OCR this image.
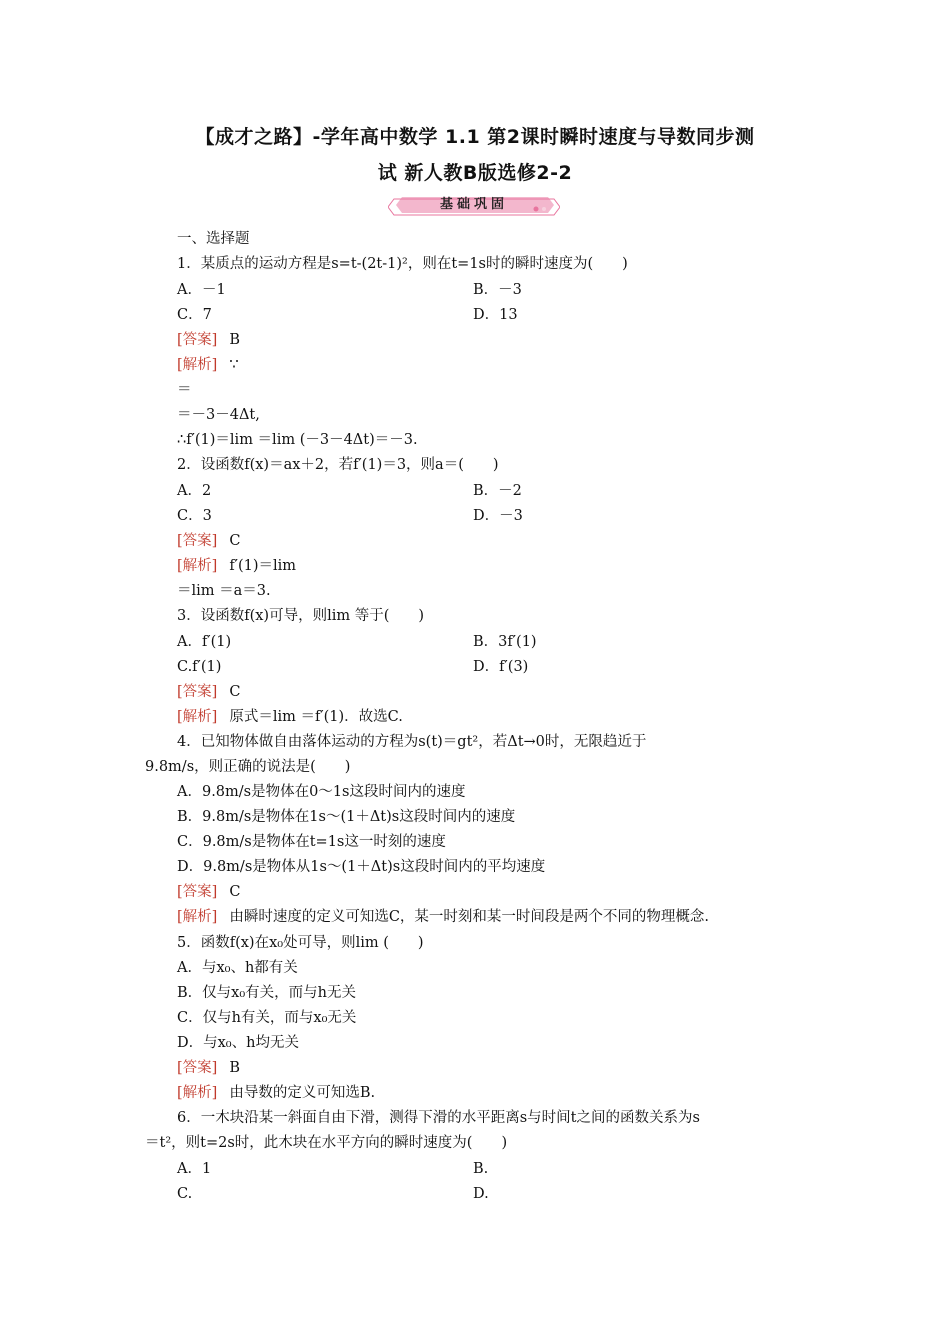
【成才之路】-学年高中数学 1.1 第2课时瞬时速度与导数同步测
试 新人教B版选修2-2
基础巩固
一、选择题
1．某质点的运动方程是s=t-(2t-1)²，则在t=1s时的瞬时速度为(　　)
A．－1	B．－3
C．7	D．13
[答案] B
[解析] ∵
＝
＝－3－4Δt,
∴f′(1)＝lim ＝lim (－3－4Δt)＝－3.
2．设函数f(x)＝ax＋2，若f′(1)＝3，则a＝(　　)
A．2	B．－2
C．3	D．－3
[答案] C
[解析] f′(1)＝lim
＝lim ＝a＝3.
3．设函数f(x)可导，则lim 等于(　　)
A．f′(1)	B．3f′(1)
C.f′(1)	D．f′(3)
[答案] C
[解析] 原式＝lim ＝f′(1)．故选C.
4．已知物体做自由落体运动的方程为s(t)＝gt²，若Δt→0时，无限趋近于
9.8m/s，则正确的说法是(　　)
A．9.8m/s是物体在0～1s这段时间内的速度
B．9.8m/s是物体在1s～(1＋Δt)s这段时间内的速度
C．9.8m/s是物体在t=1s这一时刻的速度
D．9.8m/s是物体从1s～(1＋Δt)s这段时间内的平均速度
[答案] C
[解析] 由瞬时速度的定义可知选C，某一时刻和某一时间段是两个不同的物理概念.
5．函数f(x)在x₀处可导，则lim (　　)
A．与x₀、h都有关
B．仅与x₀有关，而与h无关
C．仅与h有关，而与x₀无关
D．与x₀、h均无关
[答案] B
[解析] 由导数的定义可知选B.
6．一木块沿某一斜面自由下滑，测得下滑的水平距离s与时间t之间的函数关系为s
＝t²，则t=2s时，此木块在水平方向的瞬时速度为(　　)
A．1	B.
C.	D.
